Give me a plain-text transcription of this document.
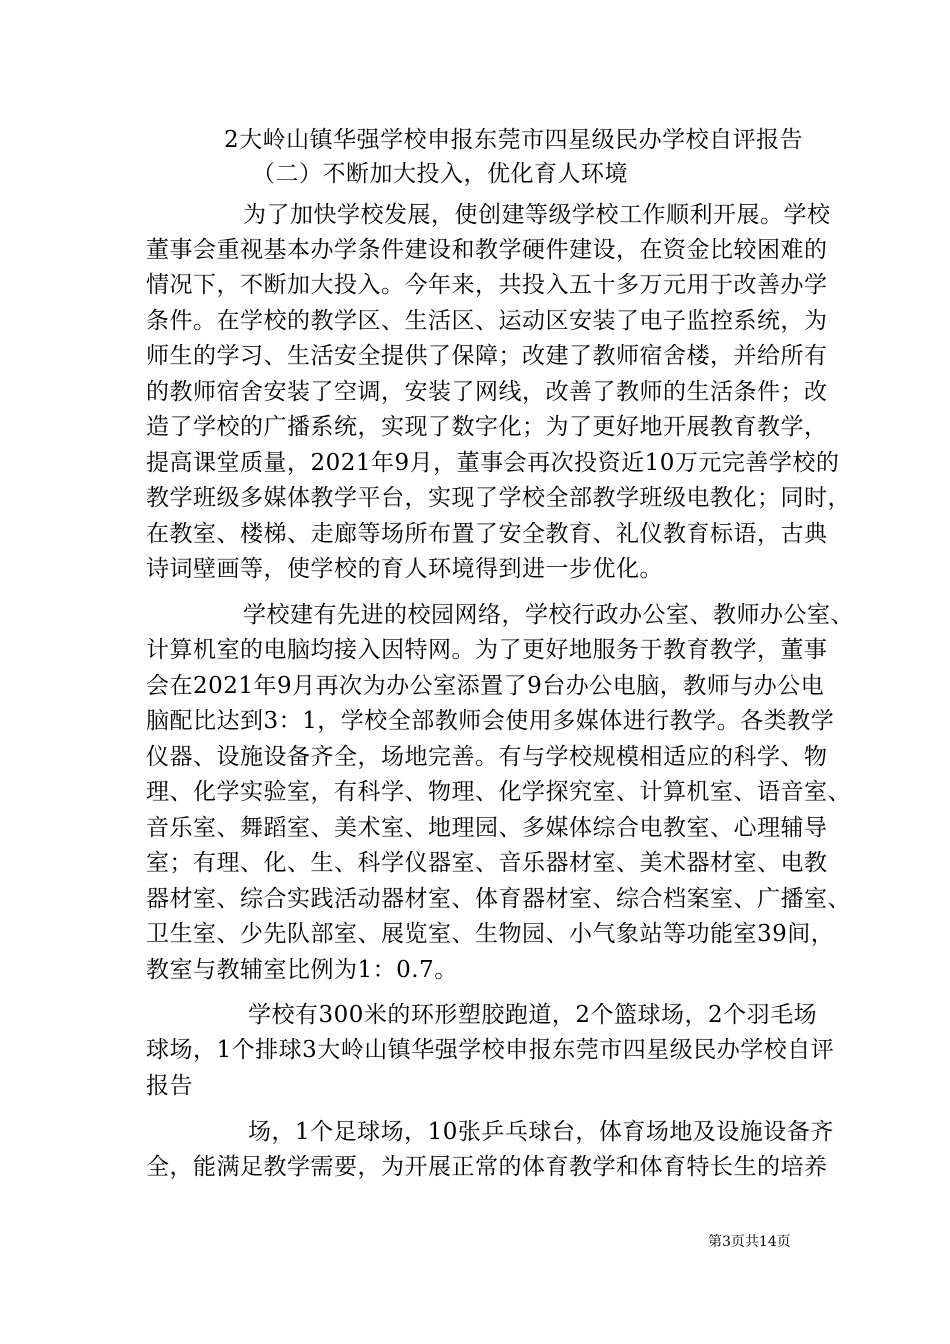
2大岭山镇华强学校申报东莞市四星级民办学校自评报告
（二）不断加大投入，优化育人环境
为了加快学校发展，使创建等级学校工作顺利开展。学校
董事会重视基本办学条件建设和教学硬件建设，在资金比较困难的
情况下，不断加大投入。今年来，共投入五十多万元用于改善办学
条件。在学校的教学区、生活区、运动区安装了电子监控系统，为
师生的学习、生活安全提供了保障；改建了教师宿舍楼，并给所有
的教师宿舍安装了空调，安装了网线，改善了教师的生活条件；改
造了学校的广播系统，实现了数字化；为了更好地开展教育教学，
提高课堂质量，2021年9月，董事会再次投资近10万元完善学校的
教学班级多媒体教学平台，实现了学校全部教学班级电教化；同时，
在教室、楼梯、走廊等场所布置了安全教育、礼仪教育标语，古典
诗词壁画等，使学校的育人环境得到进一步优化。
学校建有先进的校园网络，学校行政办公室、教师办公室、
计算机室的电脑均接入因特网。为了更好地服务于教育教学，董事
会在2021年9月再次为办公室添置了9台办公电脑，教师与办公电
脑配比达到3：1，学校全部教师会使用多媒体进行教学。各类教学
仪器、设施设备齐全，场地完善。有与学校规模相适应的科学、物
理、化学实验室，有科学、物理、化学探究室、计算机室、语音室、
音乐室、舞蹈室、美术室、地理园、多媒体综合电教室、心理辅导
室；有理、化、生、科学仪器室、音乐器材室、美术器材室、电教
器材室、综合实践活动器材室、体育器材室、综合档案室、广播室、
卫生室、少先队部室、展览室、生物园、小气象站等功能室39间，
教室与教辅室比例为1：0.7。
学校有300米的环形塑胶跑道，2个篮球场，2个羽毛场
球场，1个排球3大岭山镇华强学校申报东莞市四星级民办学校自评
报告
场，1个足球场，10张乒乓球台，体育场地及设施设备齐
全，能满足教学需要，为开展正常的体育教学和体育特长生的培养
第3页共14页
